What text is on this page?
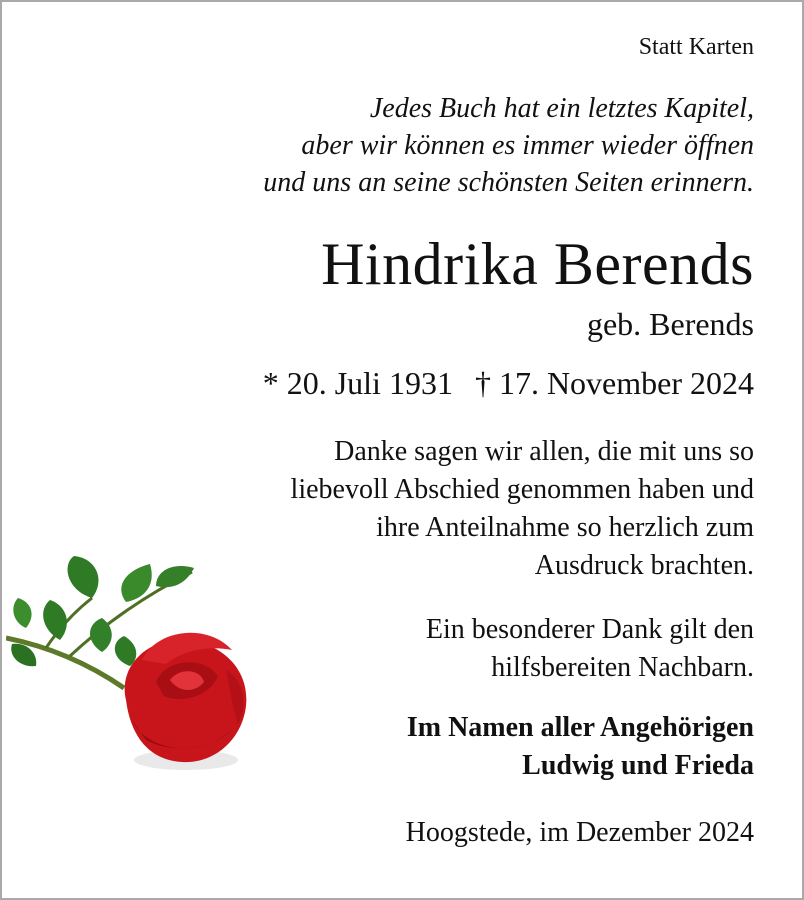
Statt Karten
Jedes Buch hat ein letztes Kapitel,
aber wir können es immer wieder öffnen
und uns an seine schönsten Seiten erinnern.
Hindrika Berends
geb. Berends
* 20. Juli 1931 † 17. November 2024
Danke sagen wir allen, die mit uns so
liebevoll Abschied genommen haben und
ihre Anteilnahme so herzlich zum
Ausdruck brachten.
Ein besonderer Dank gilt den
hilfsbereiten Nachbarn.
Im Namen aller Angehörigen
Ludwig und Frieda
Hoogstede, im Dezember 2024
